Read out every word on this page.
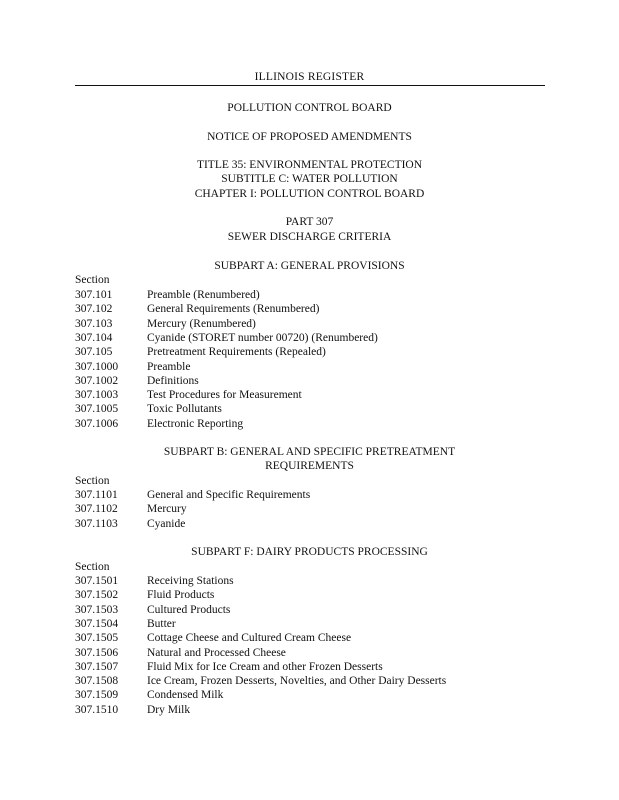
ILLINOIS REGISTER
POLLUTION CONTROL BOARD
NOTICE OF PROPOSED AMENDMENTS
TITLE 35: ENVIRONMENTAL PROTECTION
SUBTITLE C: WATER POLLUTION
CHAPTER I: POLLUTION CONTROL BOARD
PART 307
SEWER DISCHARGE CRITERIA
SUBPART A: GENERAL PROVISIONS
Section
307.101	Preamble (Renumbered)
307.102	General Requirements (Renumbered)
307.103	Mercury (Renumbered)
307.104	Cyanide (STORET number 00720) (Renumbered)
307.105	Pretreatment Requirements (Repealed)
307.1000	Preamble
307.1002	Definitions
307.1003	Test Procedures for Measurement
307.1005	Toxic Pollutants
307.1006	Electronic Reporting
SUBPART B: GENERAL AND SPECIFIC PRETREATMENT
REQUIREMENTS
Section
307.1101	General and Specific Requirements
307.1102	Mercury
307.1103	Cyanide
SUBPART F: DAIRY PRODUCTS PROCESSING
Section
307.1501	Receiving Stations
307.1502	Fluid Products
307.1503	Cultured Products
307.1504	Butter
307.1505	Cottage Cheese and Cultured Cream Cheese
307.1506	Natural and Processed Cheese
307.1507	Fluid Mix for Ice Cream and other Frozen Desserts
307.1508	Ice Cream, Frozen Desserts, Novelties, and Other Dairy Desserts
307.1509	Condensed Milk
307.1510	Dry Milk
